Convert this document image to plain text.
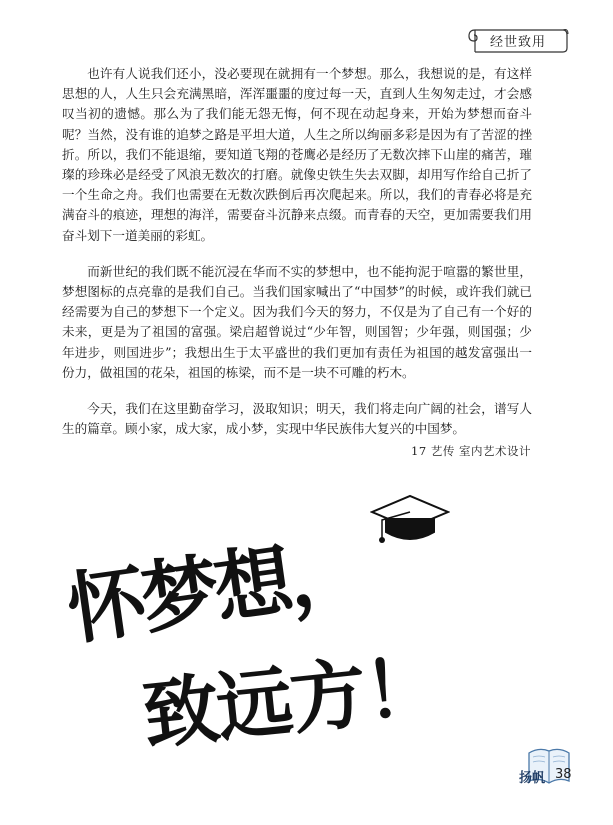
经世致用

也许有人说我们还小，没必要现在就拥有一个梦想。那么，我想说的是，有这样思想的人，人生只会充满黑暗，浑浑噩噩的度过每一天，直到人生匆匆走过，才会感叹当初的遗憾。那么为了我们能无怨无悔，何不现在动起身来，开始为梦想而奋斗呢？当然，没有谁的追梦之路是平坦大道，人生之所以绚丽多彩是因为有了苦涩的挫折。所以，我们不能退缩，要知道飞翔的苍鹰必是经历了无数次摔下山崖的痛苦，璀璨的珍珠必是经受了风浪无数次的打磨。就像史铁生失去双脚，却用写作给自己折了一个生命之舟。我们也需要在无数次跌倒后再次爬起来。所以，我们的青春必将是充满奋斗的痕迹，理想的海洋，需要奋斗沉静来点缀。而青春的天空，更加需要我们用奋斗划下一道美丽的彩虹。

而新世纪的我们既不能沉浸在华而不实的梦想中，也不能拘泥于喧嚣的繁世里，梦想图标的点亮靠的是我们自己。当我们国家喊出了“中国梦”的时候，或许我们就已经需要为自己的梦想下一个定义。因为我们今天的努力，不仅是为了自己有一个好的未来，更是为了祖国的富强。梁启超曾说过“少年智，则国智；少年强，则国强；少年进步，则国进步”；我想出生于太平盛世的我们更加有责任为祖国的越发富强出一份力，做祖国的花朵，祖国的栋梁，而不是一块不可雕的朽木。

今天，我们在这里勤奋学习，汲取知识；明天，我们将走向广阔的社会，谱写人生的篇章。顾小家，成大家，成小梦，实现中华民族伟大复兴的中国梦。

17 艺传 室内艺术设计
怀梦想，
致远方！
扬帆 38
